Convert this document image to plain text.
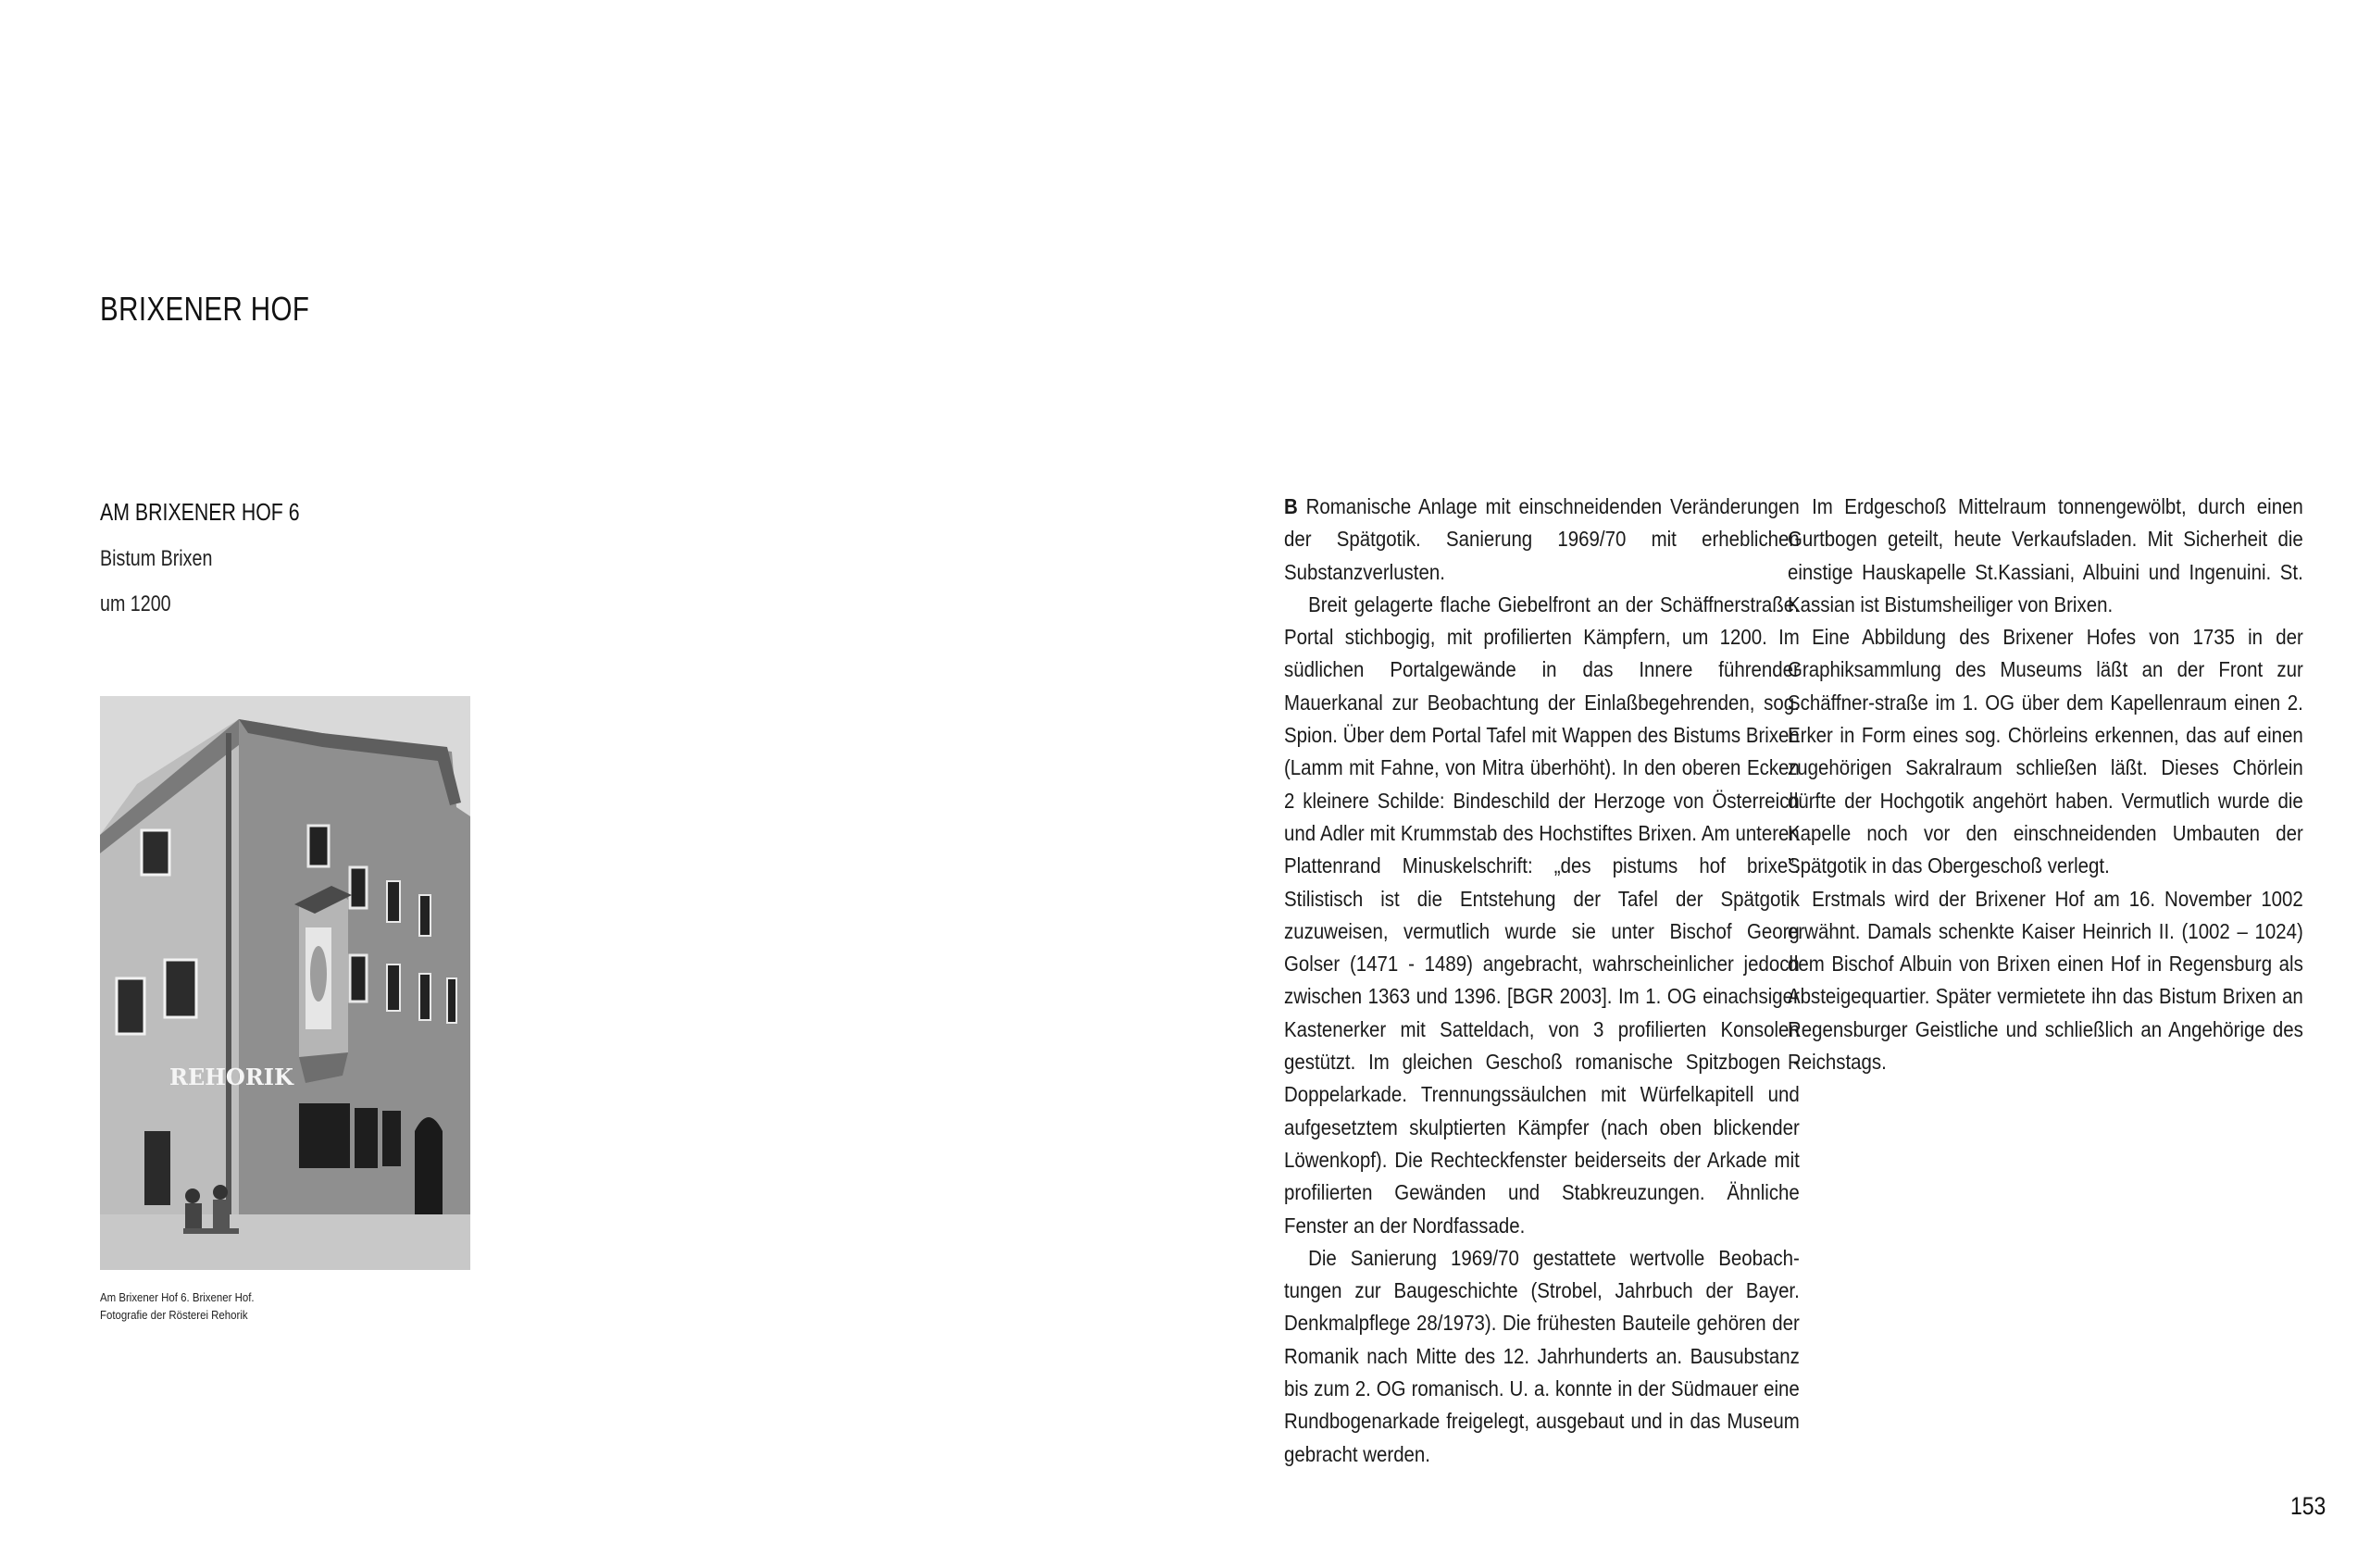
BRIXENER HOF
AM BRIXENER HOF 6
Bistum Brixen
um 1200
REHORIK
Am Brixener Hof 6. Brixener Hof.
Fotografie der Rösterei Rehorik

B Romanische Anlage mit einschneidenden Veränderungen der Spätgotik. Sanierung 1969/70 mit erheblichen Substanzverlusten.

Breit gelagerte flache Giebelfront an der Schäffnerstraße. Portal stichbogig, mit profilierten Kämpfern, um 1200. Im südlichen Portalgewände in das Innere führender Mauerkanal zur Beobachtung der Einlaßbegehrenden, sog. Spion. Über dem Portal Tafel mit Wappen des Bistums Brixen (Lamm mit Fahne, von Mitra überhöht). In den oberen Ecken 2 kleinere Schilde: Bindeschild der Herzoge von Österreich und Adler mit Krummstab des Hochstiftes Brixen. Am unteren Plattenrand Minuskelschrift: „des pistums hof brixe”. Stilistisch ist die Entstehung der Tafel der Spätgotik zuzuweisen, vermutlich wurde sie unter Bischof Georg Golser (1471 - 1489) angebracht, wahrscheinlicher jedoch zwischen 1363 und 1396. [BGR 2003]. Im 1. OG einachsiger Kastenerker mit Satteldach, von 3 profilierten Konsolen gestützt. Im gleichen Geschoß romanische Spitzbogen - Doppelarkade. Trennungssäulchen mit Würfelkapitell und aufgesetztem skulptierten Kämpfer (nach oben blickender Löwenkopf). Die Rechteckfenster beiderseits der Arkade mit profilierten Gewänden und Stabkreuzungen. Ähnliche Fenster an der Nordfassade.

Die Sanierung 1969/70 gestattete wertvolle Beobachtungen zur Baugeschichte (Strobel, Jahrbuch der Bayer. Denkmalpflege 28/1973). Die frühesten Bauteile gehören der Romanik nach Mitte des 12. Jahrhunderts an. Bausubstanz bis zum 2. OG romanisch. U. a. konnte in der Südmauer eine Rundbogenarkade freigelegt, ausgebaut und in das Museum gebracht werden.

Im Erdgeschoß Mittelraum tonnengewölbt, durch einen Gurtbogen geteilt, heute Verkaufsladen. Mit Sicherheit die einstige Hauskapelle St.Kassiani, Albuini und Ingenuini. St. Kassian ist Bistumsheiliger von Brixen.

Eine Abbildung des Brixener Hofes von 1735 in der Graphiksammlung des Museums läßt an der Front zur Schäffner-straße im 1. OG über dem Kapellenraum einen 2. Erker in Form eines sog. Chörleins erkennen, das auf einen zugehörigen Sakralraum schließen läßt. Dieses Chörlein dürfte der Hochgotik angehört haben. Vermutlich wurde die Kapelle noch vor den einschneidenden Umbauten der Spätgotik in das Obergeschoß verlegt.

Erstmals wird der Brixener Hof am 16. November 1002 erwähnt. Damals schenkte Kaiser Heinrich II. (1002 – 1024) dem Bischof Albuin von Brixen einen Hof in Regensburg als Absteigequartier. Später vermietete ihn das Bistum Brixen an Regensburger Geistliche und schließlich an Angehörige des Reichstags.

153
